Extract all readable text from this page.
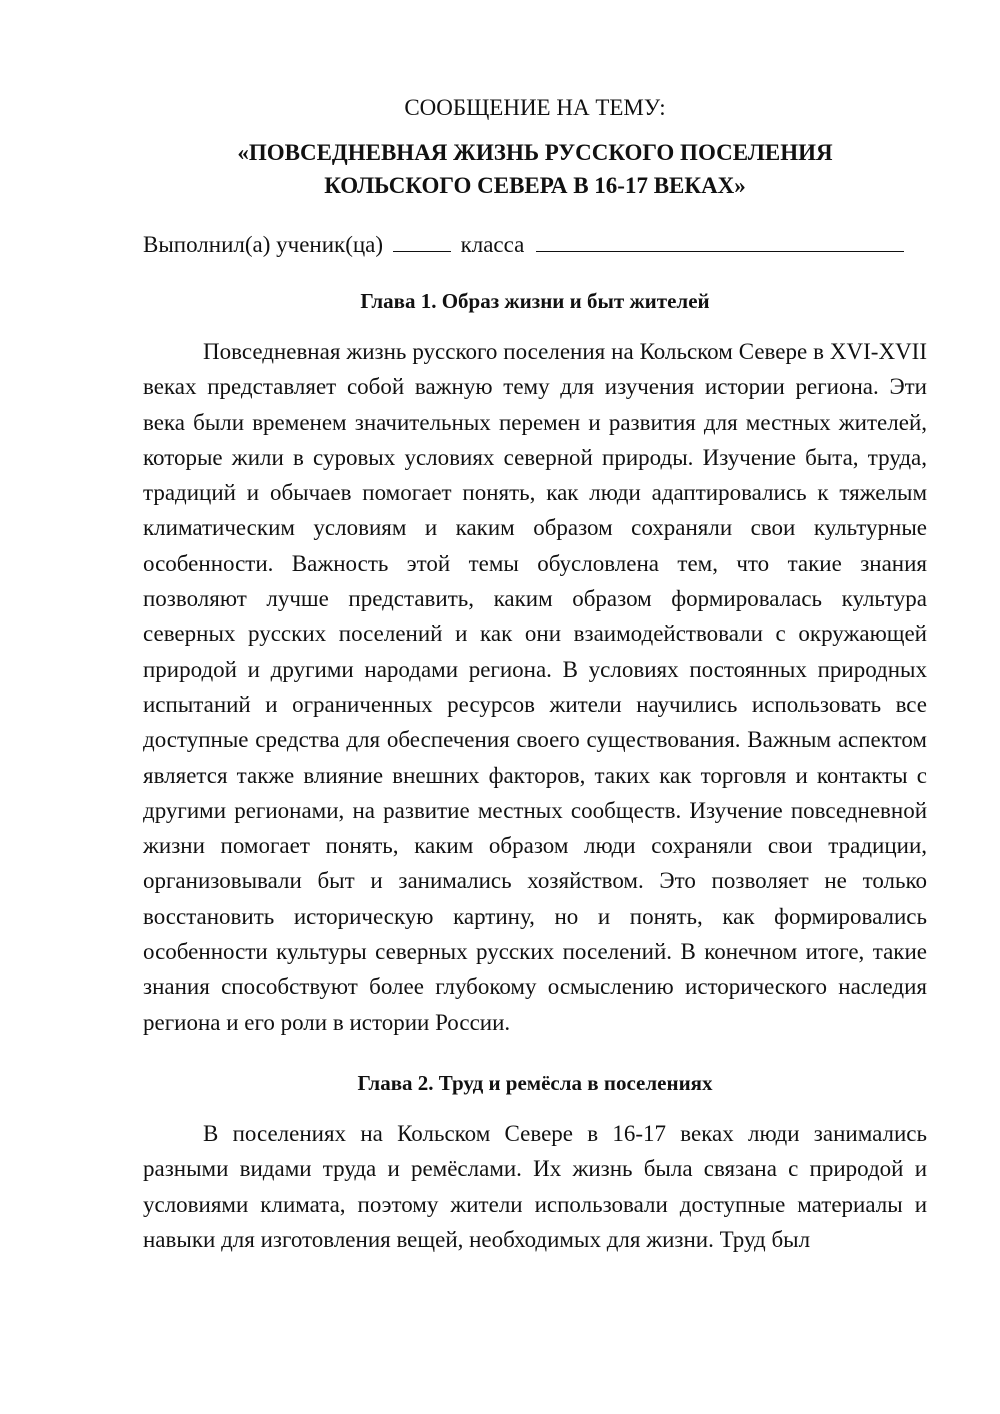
СООБЩЕНИЕ НА ТЕМУ:
«ПОВСЕДНЕВНАЯ ЖИЗНЬ РУССКОГО ПОСЕЛЕНИЯ
КОЛЬСКОГО СЕВЕРА В 16-17 ВЕКАХ»
Выполнил(а) ученик(ца)	класса
Глава 1. Образ жизни и быт жителей

Повседневная жизнь русского поселения на Кольском Севере в XVI-XVII веках представляет собой важную тему для изучения истории региона. Эти века были временем значительных перемен и развития для местных жителей, которые жили в суровых условиях северной природы. Изучение быта, труда, традиций и обычаев помогает понять, как люди адаптировались к тяжелым климатическим условиям и каким образом сохраняли свои культурные особенности. Важность этой темы обусловлена тем, что такие знания позволяют лучше представить, каким образом формировалась культура северных русских поселений и как они взаимодействовали с окружающей природой и другими народами региона. В условиях постоянных природных испытаний и ограниченных ресурсов жители научились использовать все доступные средства для обеспечения своего существования. Важным аспектом является также влияние внешних факторов, таких как торговля и контакты с другими регионами, на развитие местных сообществ. Изучение повседневной жизни помогает понять, каким образом люди сохраняли свои традиции, организовывали быт и занимались хозяйством. Это позволяет не только восстановить историческую картину, но и понять, как формировались особенности культуры северных русских поселений. В конечном итоге, такие знания способствуют более глубокому осмыслению исторического наследия региона и его роли в истории России.

Глава 2. Труд и ремёсла в поселениях

В поселениях на Кольском Севере в 16-17 веках люди занимались разными видами труда и ремёслами. Их жизнь была связана с природой и условиями климата, поэтому жители использовали доступные материалы и навыки для изготовления вещей, необходимых для жизни. Труд был
